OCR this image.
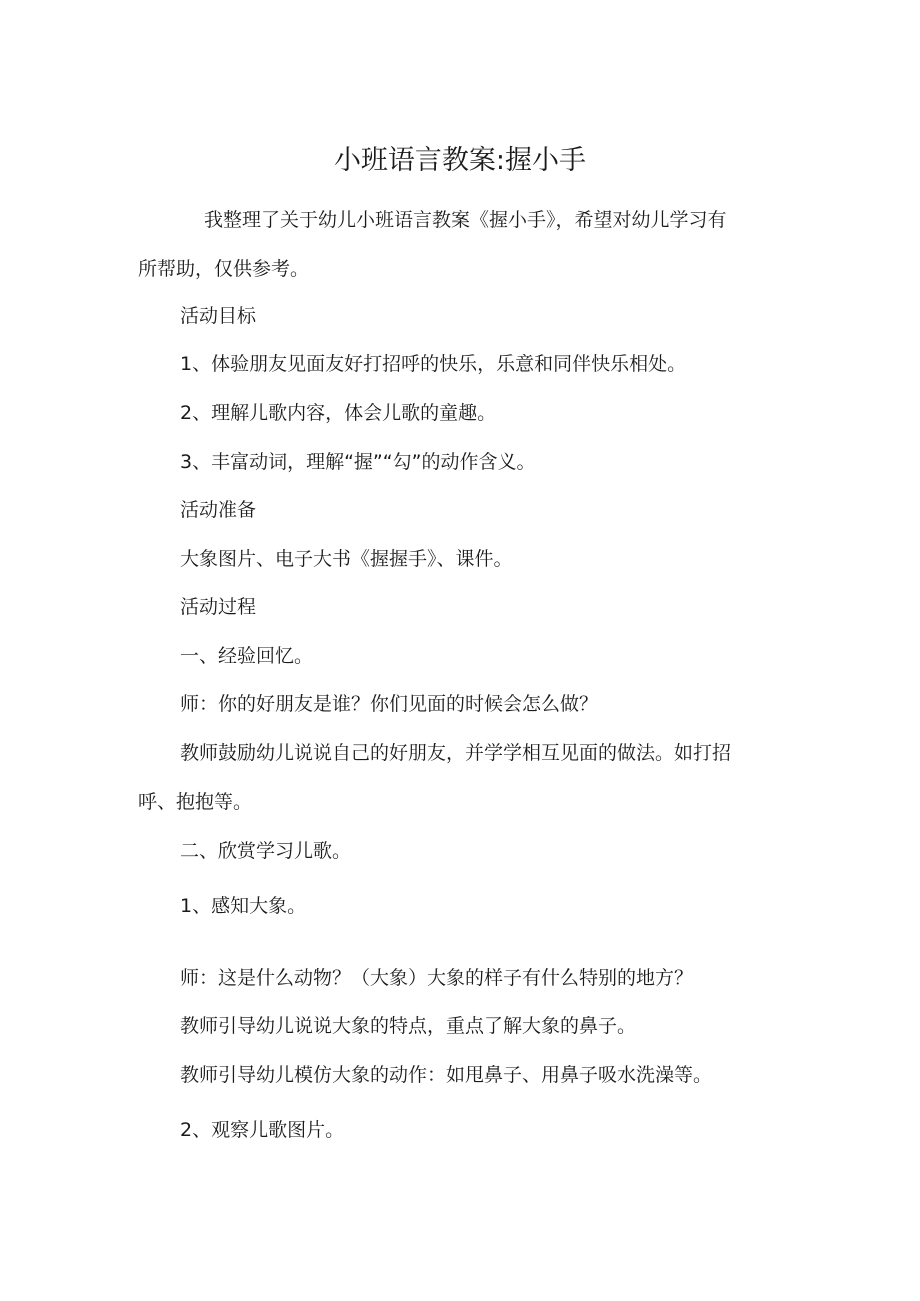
小班语言教案:握小手
我整理了关于幼儿小班语言教案《握小手》，希望对幼儿学习有
所帮助，仅供参考。
活动目标
1、体验朋友见面友好打招呼的快乐，乐意和同伴快乐相处。
2、理解儿歌内容，体会儿歌的童趣。
3、丰富动词，理解“握”“勾”的动作含义。
活动准备
大象图片、电子大书《握握手》、课件。
活动过程
一、经验回忆。
师：你的好朋友是谁？你们见面的时候会怎么做？
教师鼓励幼儿说说自己的好朋友，并学学相互见面的做法。如打招
呼、抱抱等。
二、欣赏学习儿歌。
1、感知大象。
师：这是什么动物？（大象）大象的样子有什么特别的地方？
教师引导幼儿说说大象的特点，重点了解大象的鼻子。
教师引导幼儿模仿大象的动作：如甩鼻子、用鼻子吸水洗澡等。
2、观察儿歌图片。
